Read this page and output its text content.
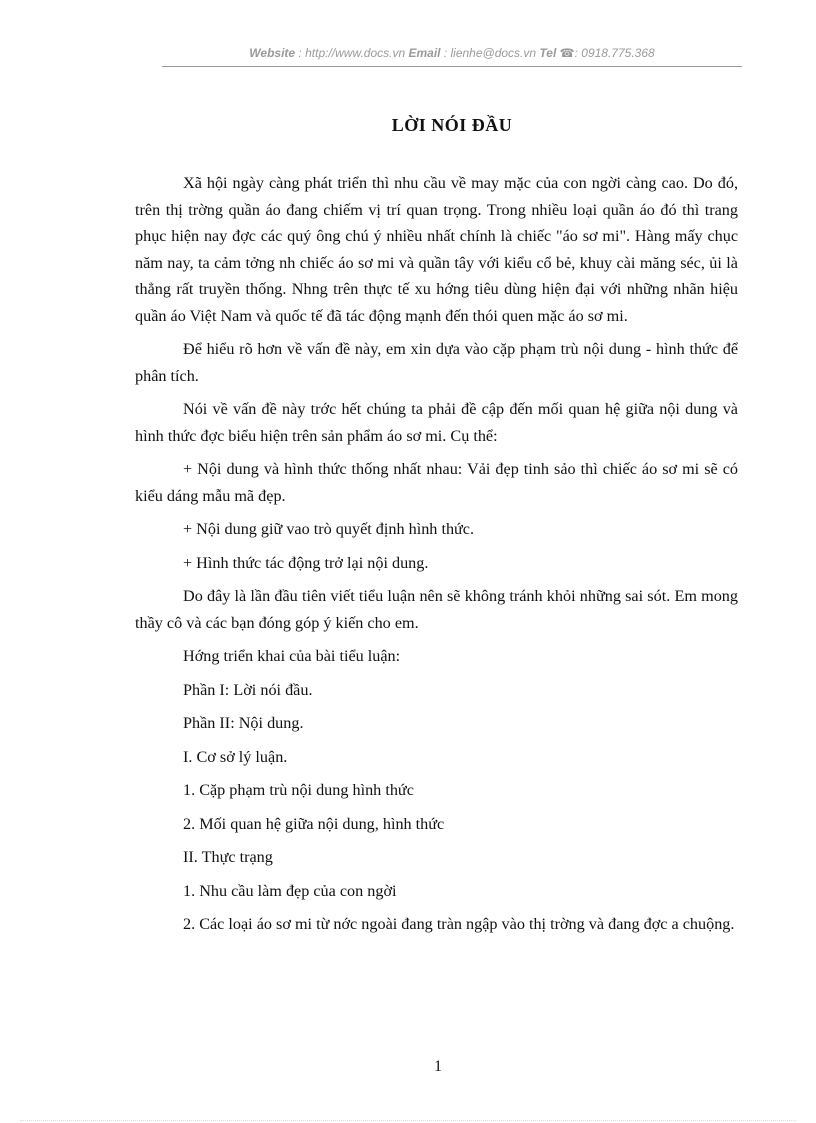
Website : http://www.docs.vn Email : lienhe@docs.vn Tel ☎: 0918.775.368
LỜI NÓI ĐẦU

Xã hội ngày càng phát triển thì nhu cầu về may mặc của con ngời càng cao. Do đó, trên thị trờng quần áo đang chiếm vị trí quan trọng. Trong nhiều loại quần áo đó thì trang phục hiện nay đợc các quý ông chú ý nhiều nhất chính là chiếc "áo sơ mi". Hàng mấy chục năm nay, ta cảm tởng nh chiếc áo sơ mi và quần tây với kiểu cổ bẻ, khuy cài măng séc, ủi là thẳng rất truyền thống. Nhng trên thực tế xu hớng tiêu dùng hiện đại với những nhãn hiệu quần áo Việt Nam và quốc tế đã tác động mạnh đến thói quen mặc áo sơ mi.

Để hiểu rõ hơn về vấn đề này, em xin dựa vào cặp phạm trù nội dung - hình thức để phân tích.

Nói về vấn đề này trớc hết chúng ta phải đề cập đến mối quan hệ giữa nội dung và hình thức đợc biểu hiện trên sản phẩm áo sơ mi. Cụ thể:

+ Nội dung và hình thức thống nhất nhau: Vải đẹp tinh sảo thì chiếc áo sơ mi sẽ có kiểu dáng mẫu mã đẹp.

+ Nội dung giữ vao trò quyết định hình thức.

+ Hình thức tác động trở lại nội dung.

Do đây là lần đầu tiên viết tiểu luận nên sẽ không tránh khỏi những sai sót. Em mong thầy cô và các bạn đóng góp ý kiến cho em.

Hớng triển khai của bài tiểu luận:

Phần I: Lời nói đầu.

Phần II: Nội dung.

I. Cơ sở lý luận.

1. Cặp phạm trù nội dung hình thức

2. Mối quan hệ giữa nội dung, hình thức

II. Thực trạng

1. Nhu cầu làm đẹp của con ngời

2. Các loại áo sơ mi từ nớc ngoài đang tràn ngập vào thị trờng và đang đợc a chuộng.

1
